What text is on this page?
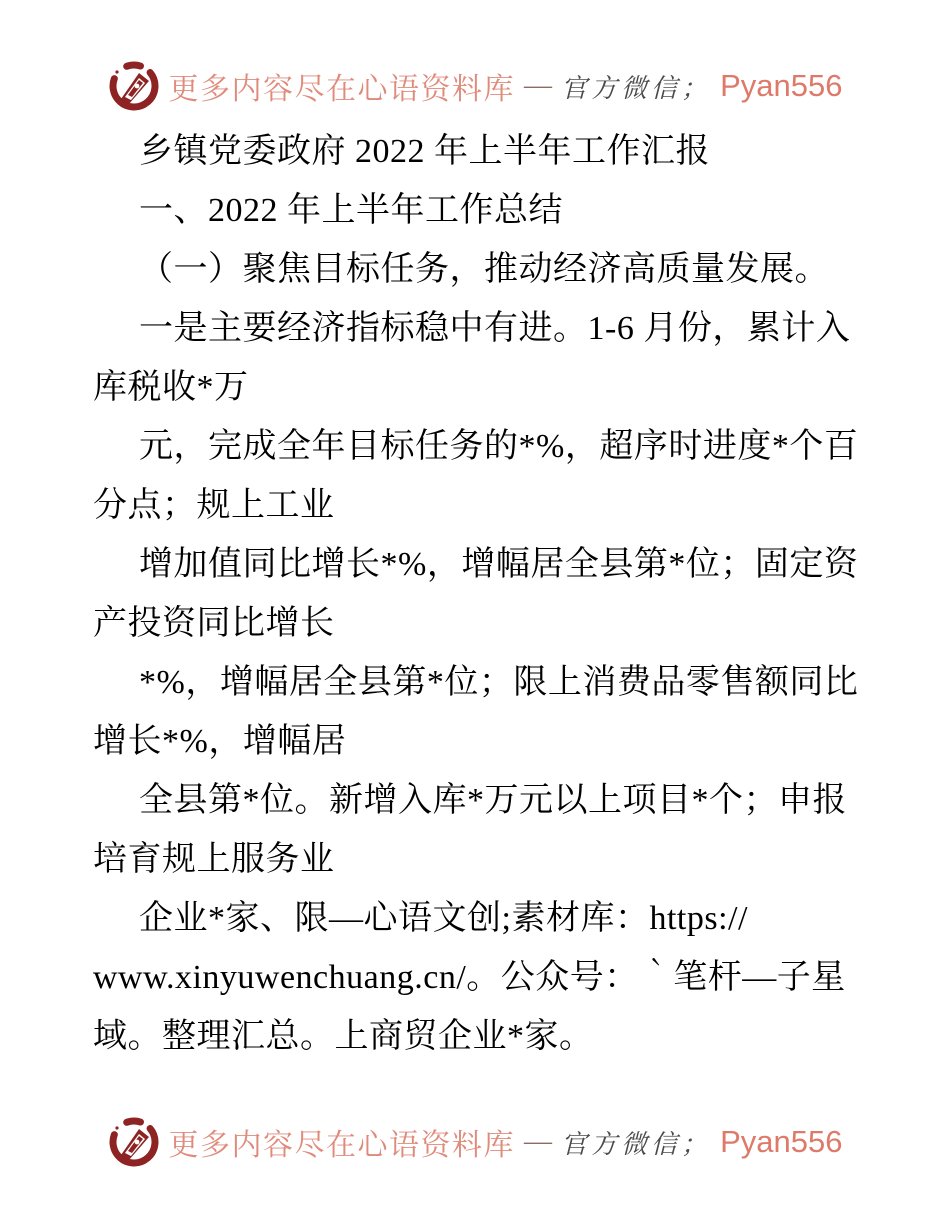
更多内容尽在心语资料库 — 官方微信； Pyan556
乡镇党委政府 2022 年上半年工作汇报
一、2022 年上半年工作总结
（一）聚焦目标任务，推动经济高质量发展。
一是主要经济指标稳中有进。1-6 月份，累计入
库税收*万
元，完成全年目标任务的*%，超序时进度*个百
分点；规上工业
增加值同比增长*%，增幅居全县第*位；固定资
产投资同比增长
*%，增幅居全县第*位；限上消费品零售额同比
增长*%，增幅居
全县第*位。新增入库*万元以上项目*个；申报
培育规上服务业
企业*家、限—心语文创;素材库：https://
www.xinyuwenchuang.cn/。公众号：｀笔杆—子星
域。整理汇总。上商贸企业*家。
更多内容尽在心语资料库 — 官方微信； Pyan556
